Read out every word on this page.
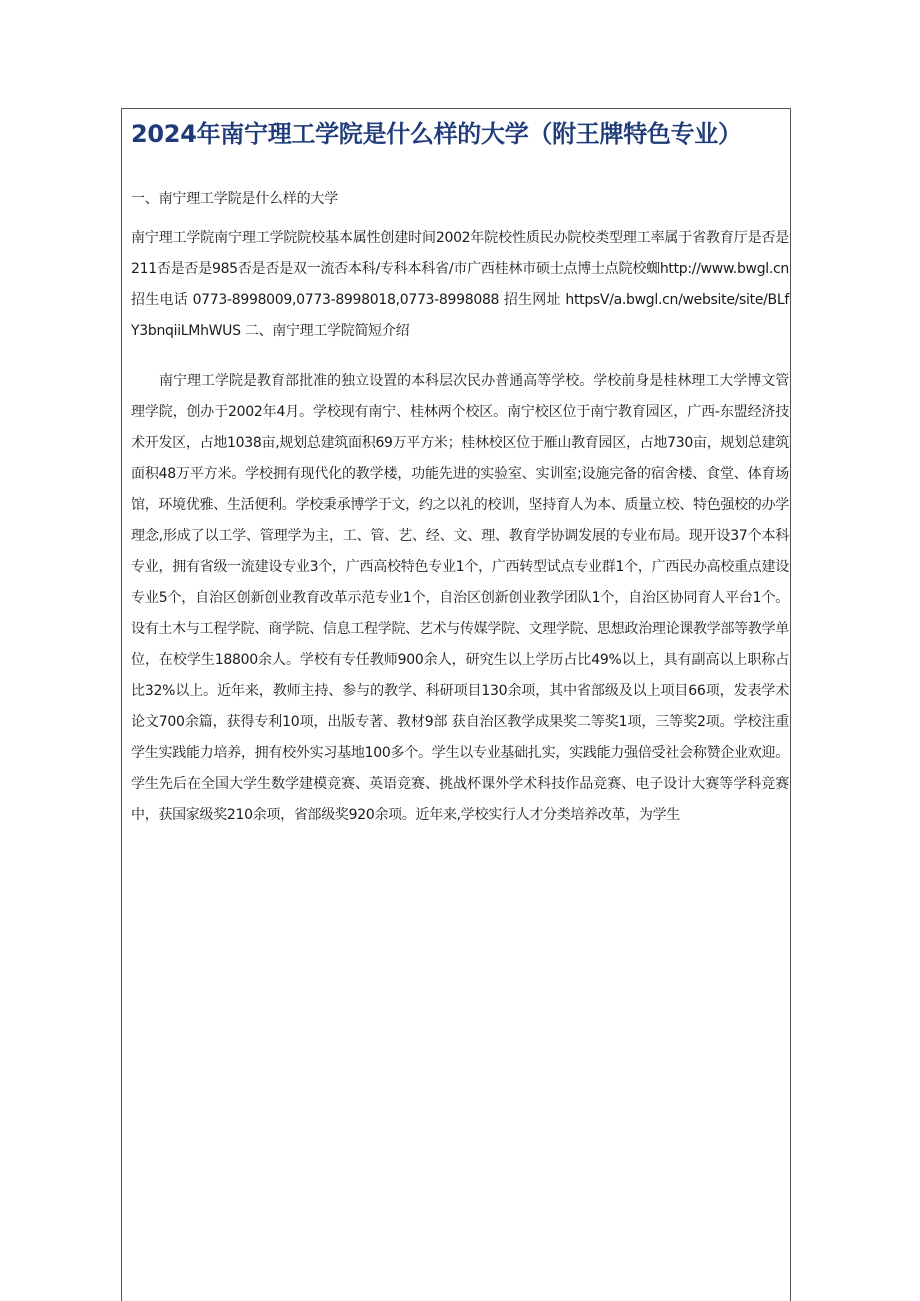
2024年南宁理工学院是什么样的大学（附王牌特色专业）

一、南宁理工学院是什么样的大学

南宁理工学院南宁理工学院院校基本属性创建时间2002年院校性质民办院校类型理工率属于省教育厅是否是211否是否是985否是否是双一流否本科/专科本科省/市广西桂林市硕士点博士点院校蜘http://www.bwgl.cn 招生电话 0773-8998009,0773-8998018,0773-8998088 招生网址 httpsV/a.bwgl.cn/website/site/BLfY3bnqiiLMhWUS 二、南宁理工学院简短介绍

南宁理工学院是教育部批准的独立设置的本科层次民办普通高等学校。学校前身是桂林理工大学博文管理学院，创办于2002年4月。学校现有南宁、桂林两个校区。南宁校区位于南宁教育园区，广西-东盟经济技术开发区，占地1038亩,规划总建筑面积69万平方米；桂林校区位于雁山教育园区，占地730亩，规划总建筑面积48万平方米。学校拥有现代化的教学楼，功能先进的实验室、实训室;设施完备的宿舍楼、食堂、体育场馆，环境优雅、生活便利。学校秉承博学于文，约之以礼的校训，坚持育人为本、质量立校、特色强校的办学理念,形成了以工学、管理学为主，工、管、艺、经、文、理、教育学协调发展的专业布局。现开设37个本科专业，拥有省级一流建设专业3个，广西高校特色专业1个，广西转型试点专业群1个，广西民办高校重点建设专业5个，自治区创新创业教育改革示范专业1个，自治区创新创业教学团队1个，自治区协同育人平台1个。设有土木与工程学院、商学院、信息工程学院、艺术与传媒学院、文理学院、思想政治理论课教学部等教学单位，在校学生18800余人。学校有专任教师900余人，研究生以上学历占比49%以上，具有副高以上职称占比32%以上。近年来，教师主持、参与的教学、科研项目130余项，其中省部级及以上项目66项，发表学术论文700余篇，获得专利10项，出版专著、教材9部 获自治区教学成果奖二等奖1项，三等奖2项。学校注重学生实践能力培养，拥有校外实习基地100多个。学生以专业基础扎实，实践能力强倍受社会称赞企业欢迎。学生先后在全国大学生数学建模竞赛、英语竞赛、挑战杯课外学术科技作品竞赛、电子设计大赛等学科竞赛中，获国家级奖210余项，省部级奖920余项。近年来,学校实行人才分类培养改革，为学生
